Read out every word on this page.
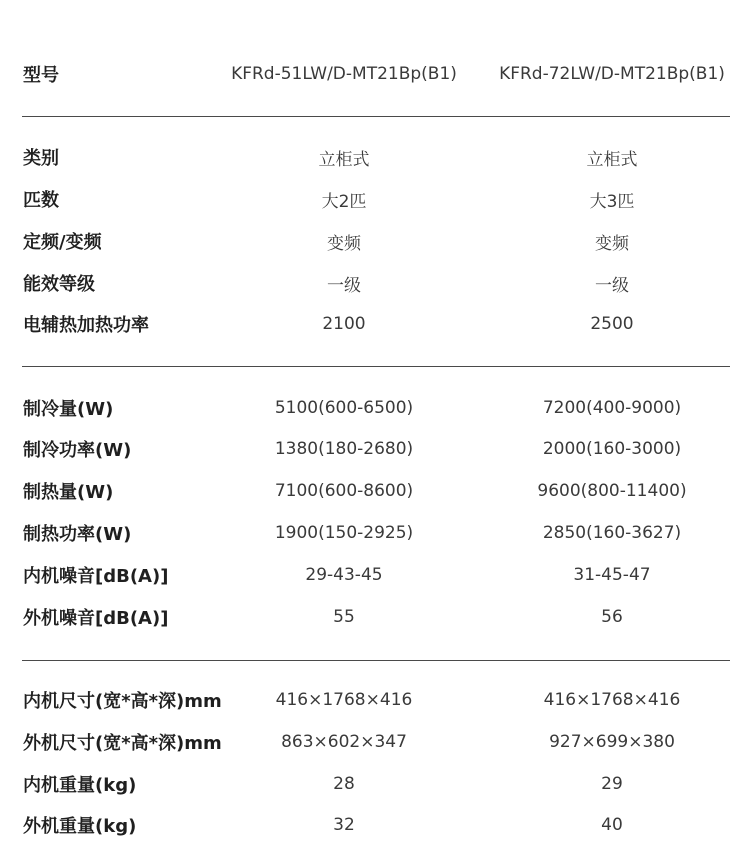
型号	KFRd-51LW/D-MT21Bp(B1)	KFRd-72LW/D-MT21Bp(B1)
类别	立柜式	立柜式
匹数	大2匹	大3匹
定频/变频	变频	变频
能效等级	一级	一级
电辅热加热功率	2100	2500
制冷量(W)	5100(600-6500)	7200(400-9000)
制冷功率(W)	1380(180-2680)	2000(160-3000)
制热量(W)	7100(600-8600)	9600(800-11400)
制热功率(W)	1900(150-2925)	2850(160-3627)
内机噪音[dB(A)]	29-43-45	31-45-47
外机噪音[dB(A)]	55	56
内机尺寸(宽*高*深)mm	416×1768×416	416×1768×416
外机尺寸(宽*高*深)mm	863×602×347	927×699×380
内机重量(kg)	28	29
外机重量(kg)	32	40
